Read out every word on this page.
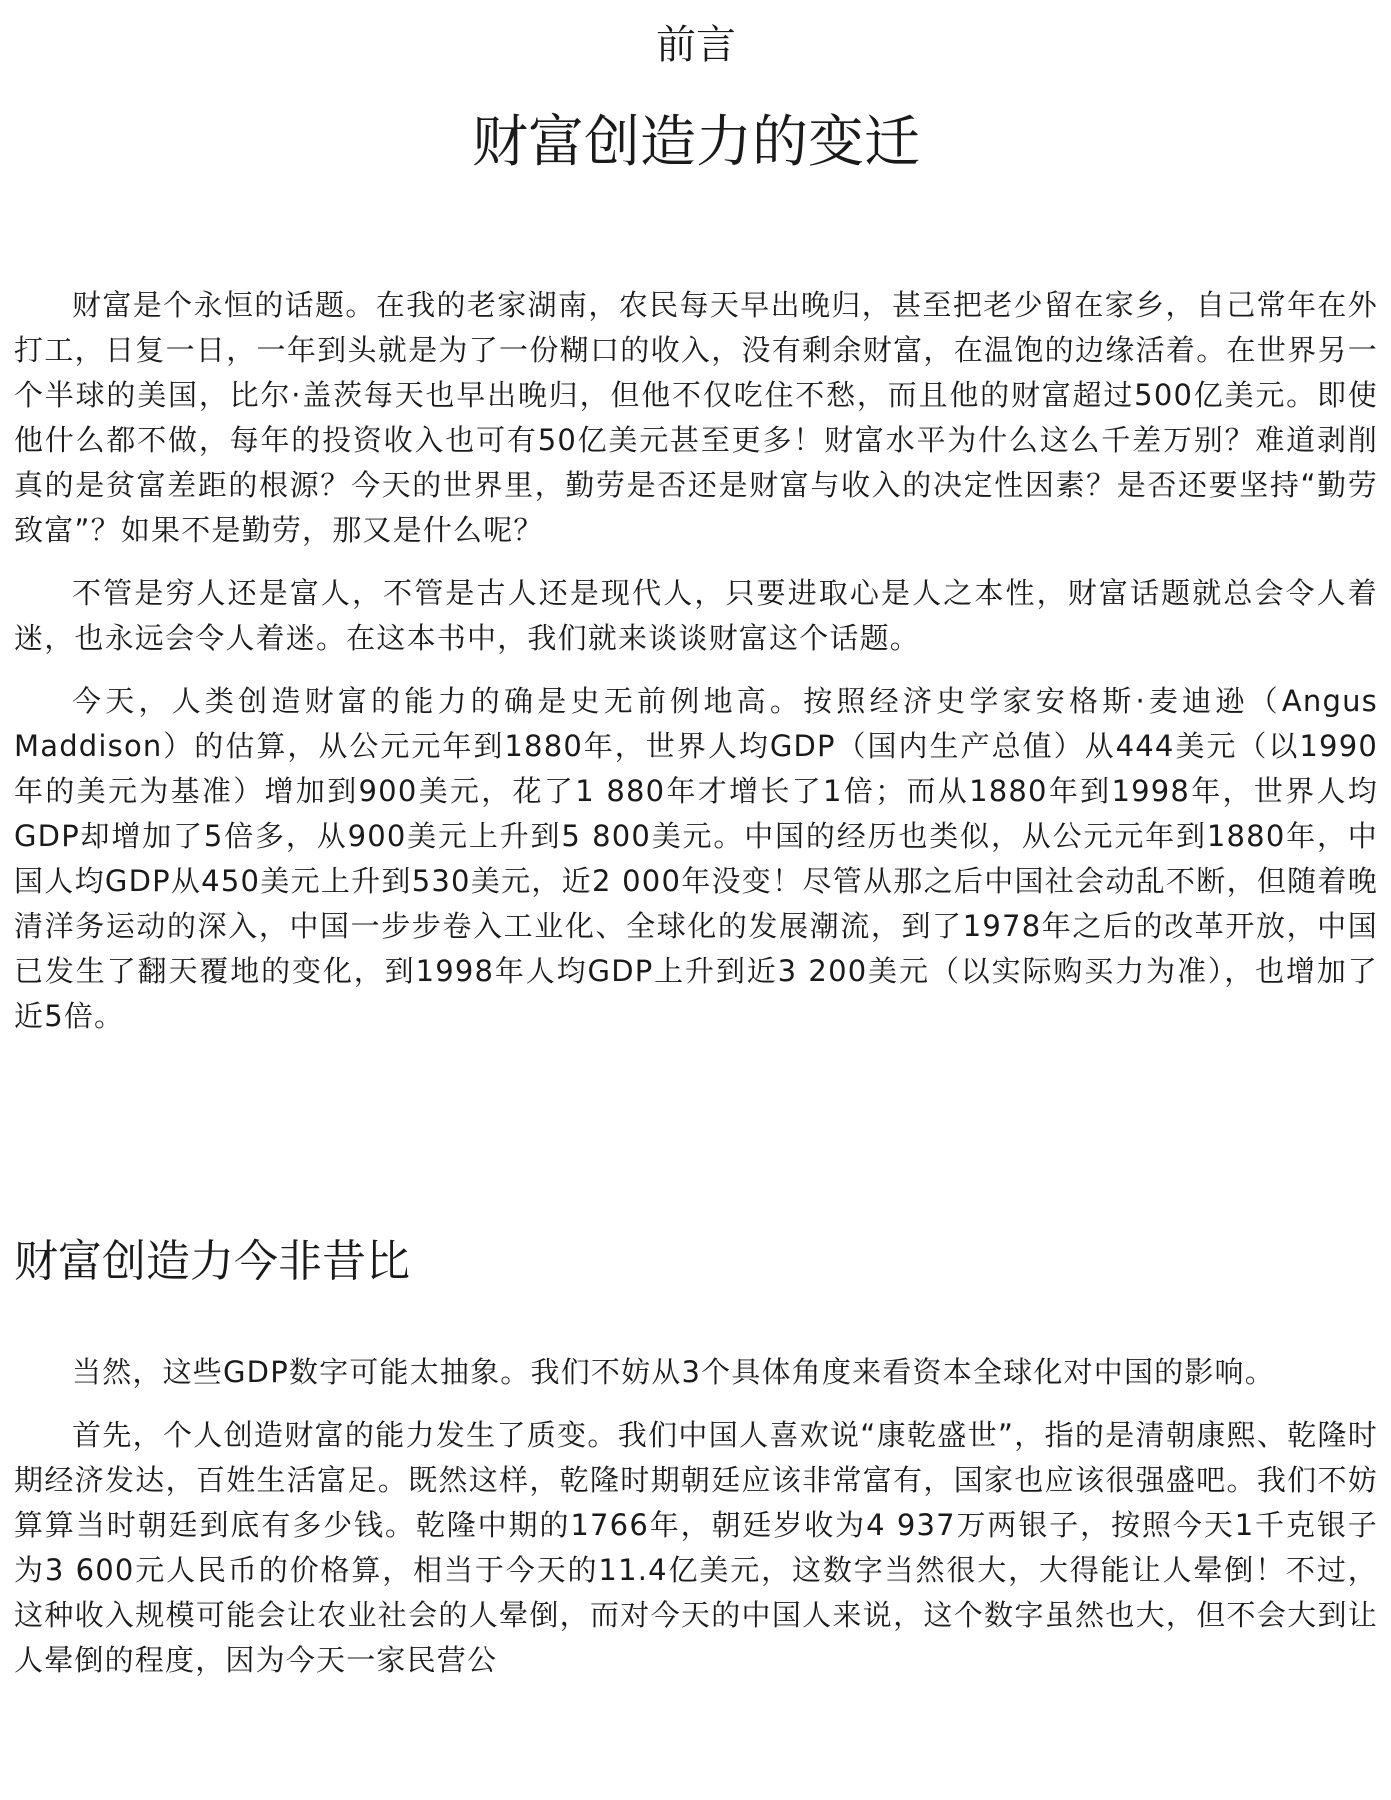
前言
财富创造力的变迁

财富是个永恒的话题。在我的老家湖南，农民每天早出晚归，甚至把老少留在家乡，自己常年在外打工，日复一日，一年到头就是为了一份糊口的收入，没有剩余财富，在温饱的边缘活着。在世界另一个半球的美国，比尔·盖茨每天也早出晚归，但他不仅吃住不愁，而且他的财富超过500亿美元。即使他什么都不做，每年的投资收入也可有50亿美元甚至更多！财富水平为什么这么千差万别？难道剥削真的是贫富差距的根源？今天的世界里，勤劳是否还是财富与收入的决定性因素？是否还要坚持“勤劳致富”？如果不是勤劳，那又是什么呢？

不管是穷人还是富人，不管是古人还是现代人，只要进取心是人之本性，财富话题就总会令人着迷，也永远会令人着迷。在这本书中，我们就来谈谈财富这个话题。

今天，人类创造财富的能力的确是史无前例地高。按照经济史学家安格斯·麦迪逊（Angus Maddison）的估算，从公元元年到1880年，世界人均GDP（国内生产总值）从444美元（以1990年的美元为基准）增加到900美元，花了1 880年才增长了1倍；而从1880年到1998年，世界人均GDP却增加了5倍多，从900美元上升到5 800美元。中国的经历也类似，从公元元年到1880年，中国人均GDP从450美元上升到530美元，近2 000年没变！尽管从那之后中国社会动乱不断，但随着晚清洋务运动的深入，中国一步步卷入工业化、全球化的发展潮流，到了1978年之后的改革开放，中国已发生了翻天覆地的变化，到1998年人均GDP上升到近3 200美元（以实际购买力为准），也增加了近5倍。

财富创造力今非昔比

当然，这些GDP数字可能太抽象。我们不妨从3个具体角度来看资本全球化对中国的影响。

首先，个人创造财富的能力发生了质变。我们中国人喜欢说“康乾盛世”，指的是清朝康熙、乾隆时期经济发达，百姓生活富足。既然这样，乾隆时期朝廷应该非常富有，国家也应该很强盛吧。我们不妨算算当时朝廷到底有多少钱。乾隆中期的1766年，朝廷岁收为4 937万两银子，按照今天1千克银子为3 600元人民币的价格算，相当于今天的11.4亿美元，这数字当然很大，大得能让人晕倒！不过，这种收入规模可能会让农业社会的人晕倒，而对今天的中国人来说，这个数字虽然也大，但不会大到让人晕倒的程度，因为今天一家民营公
